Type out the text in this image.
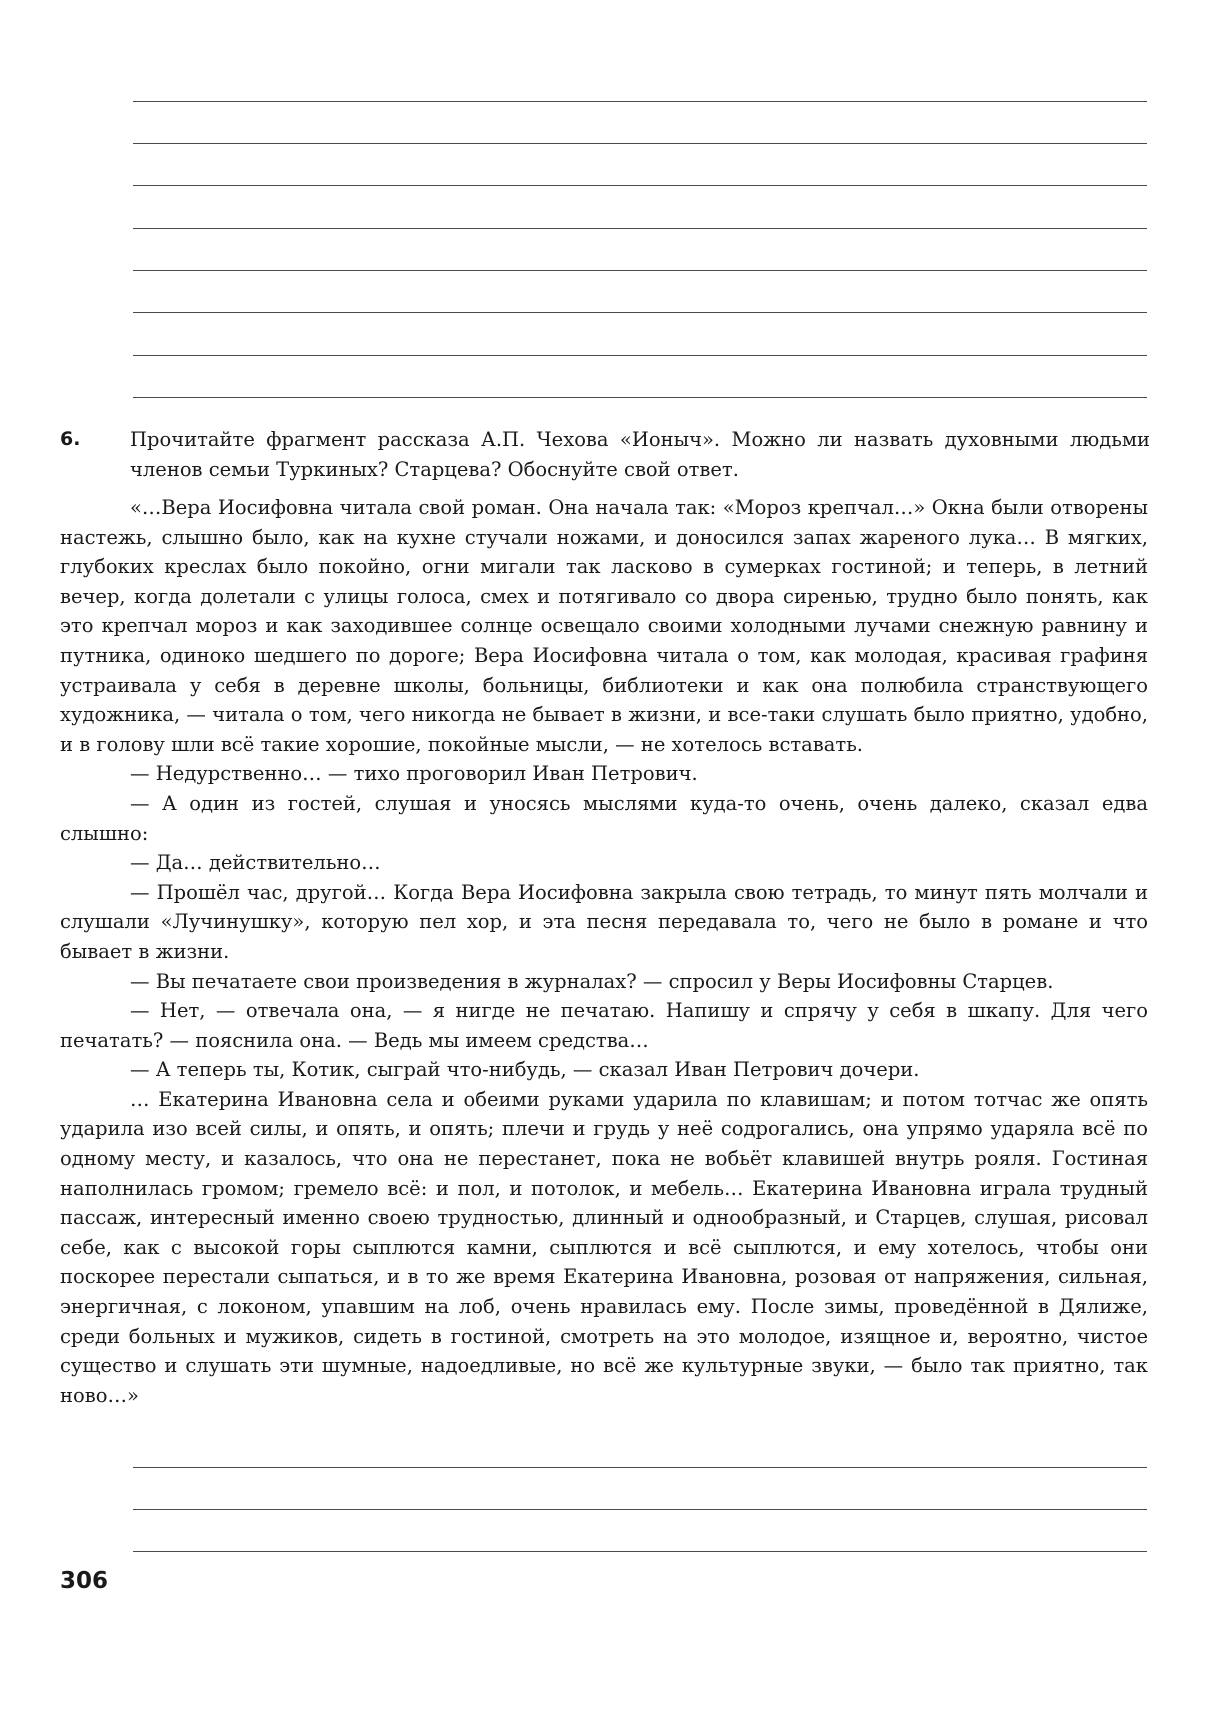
6.	Прочитайте фрагмент рассказа А.П. Чехова «Ионыч». Можно ли назвать духовными людьми членов семьи Туркиных? Старцева? Обоснуйте свой ответ.

«…Вера Иосифовна читала свой роман. Она начала так: «Мороз крепчал…» Окна были отворены настежь, слышно было, как на кухне стучали ножами, и доносился запах жареного лука… В мягких, глубоких креслах было покойно, огни мигали так ласково в сумерках гостиной; и теперь, в летний вечер, когда долетали с улицы голоса, смех и потягивало со двора сиренью, трудно было понять, как это крепчал мороз и как заходившее солнце освещало своими холодными лучами снежную равнину и путника, одиноко шедшего по дороге; Вера Иосифовна читала о том, как молодая, красивая графиня устраивала у себя в деревне школы, больницы, библиотеки и как она полюбила странствующего художника, — читала о том, чего никогда не бывает в жизни, и все-таки слушать было приятно, удобно, и в голову шли всё такие хорошие, покойные мысли, — не хотелось вставать.

— Недурственно… — тихо проговорил Иван Петрович.

— А один из гостей, слушая и уносясь мыслями куда-то очень, очень далеко, сказал едва слышно:

— Да… действительно…

— Прошёл час, другой… Когда Вера Иосифовна закрыла свою тетрадь, то минут пять молчали и слушали «Лучинушку», которую пел хор, и эта песня передавала то, чего не было в романе и что бывает в жизни.

— Вы печатаете свои произведения в журналах? — спросил у Веры Иосифовны Старцев.

— Нет, — отвечала она, — я нигде не печатаю. Напишу и спрячу у себя в шкапу. Для чего печатать? — пояснила она. — Ведь мы имеем средства…

— А теперь ты, Котик, сыграй что-нибудь, — сказал Иван Петрович дочери.

… Екатерина Ивановна села и обеими руками ударила по клавишам; и потом тотчас же опять ударила изо всей силы, и опять, и опять; плечи и грудь у неё содрогались, она упрямо ударяла всё по одному месту, и казалось, что она не перестанет, пока не вобьёт клавишей внутрь рояля. Гостиная наполнилась громом; гремело всё: и пол, и потолок, и мебель… Екатерина Ивановна играла трудный пассаж, интересный именно своею трудностью, длинный и однообразный, и Старцев, слушая, рисовал себе, как с высокой горы сыплются камни, сыплются и всё сыплются, и ему хотелось, чтобы они поскорее перестали сыпаться, и в то же время Екатерина Ивановна, розовая от напряжения, сильная, энергичная, с локоном, упавшим на лоб, очень нравилась ему. После зимы, проведённой в Дялиже, среди больных и мужиков, сидеть в гостиной, смотреть на это молодое, изящное и, вероятно, чистое существо и слушать эти шумные, надоедливые, но всё же культурные звуки, — было так приятно, так ново…»

306
